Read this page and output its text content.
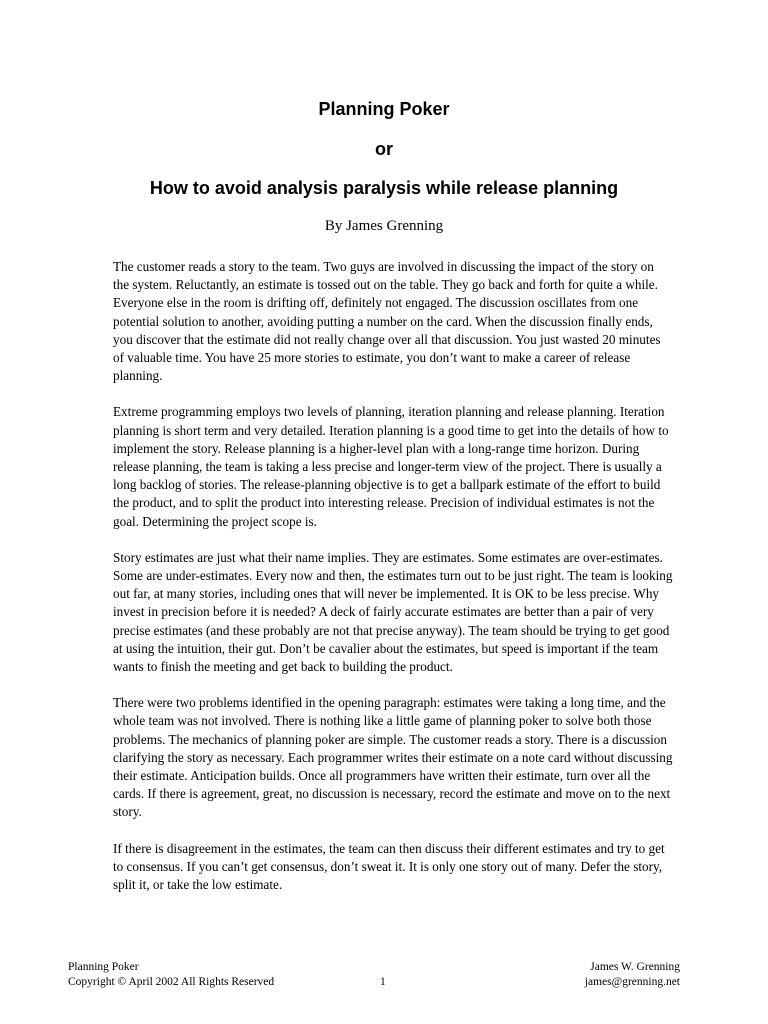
Planning Poker
or
How to avoid analysis paralysis while release planning

By James Grenning

The customer reads a story to the team. Two guys are involved in discussing the impact of the story on the system. Reluctantly, an estimate is tossed out on the table. They go back and forth for quite a while. Everyone else in the room is drifting off, definitely not engaged. The discussion oscillates from one potential solution to another, avoiding putting a number on the card. When the discussion finally ends, you discover that the estimate did not really change over all that discussion. You just wasted 20 minutes of valuable time. You have 25 more stories to estimate, you don’t want to make a career of release planning.

Extreme programming employs two levels of planning, iteration planning and release planning. Iteration planning is short term and very detailed. Iteration planning is a good time to get into the details of how to implement the story. Release planning is a higher-level plan with a long-range time horizon. During release planning, the team is taking a less precise and longer-term view of the project. There is usually a long backlog of stories. The release-planning objective is to get a ballpark estimate of the effort to build the product, and to split the product into interesting release. Precision of individual estimates is not the goal. Determining the project scope is.

Story estimates are just what their name implies. They are estimates. Some estimates are over-estimates. Some are under-estimates. Every now and then, the estimates turn out to be just right. The team is looking out far, at many stories, including ones that will never be implemented. It is OK to be less precise. Why invest in precision before it is needed? A deck of fairly accurate estimates are better than a pair of very precise estimates (and these probably are not that precise anyway). The team should be trying to get good at using the intuition, their gut. Don’t be cavalier about the estimates, but speed is important if the team wants to finish the meeting and get back to building the product.

There were two problems identified in the opening paragraph: estimates were taking a long time, and the whole team was not involved. There is nothing like a little game of planning poker to solve both those problems. The mechanics of planning poker are simple. The customer reads a story. There is a discussion clarifying the story as necessary. Each programmer writes their estimate on a note card without discussing their estimate. Anticipation builds. Once all programmers have written their estimate, turn over all the cards. If there is agreement, great, no discussion is necessary, record the estimate and move on to the next story.

If there is disagreement in the estimates, the team can then discuss their different estimates and try to get to consensus. If you can’t get consensus, don’t sweat it. It is only one story out of many. Defer the story, split it, or take the low estimate.

Planning Poker
Copyright © April 2002 All Rights Reserved	1
James W. Grenning
james@grenning.net
